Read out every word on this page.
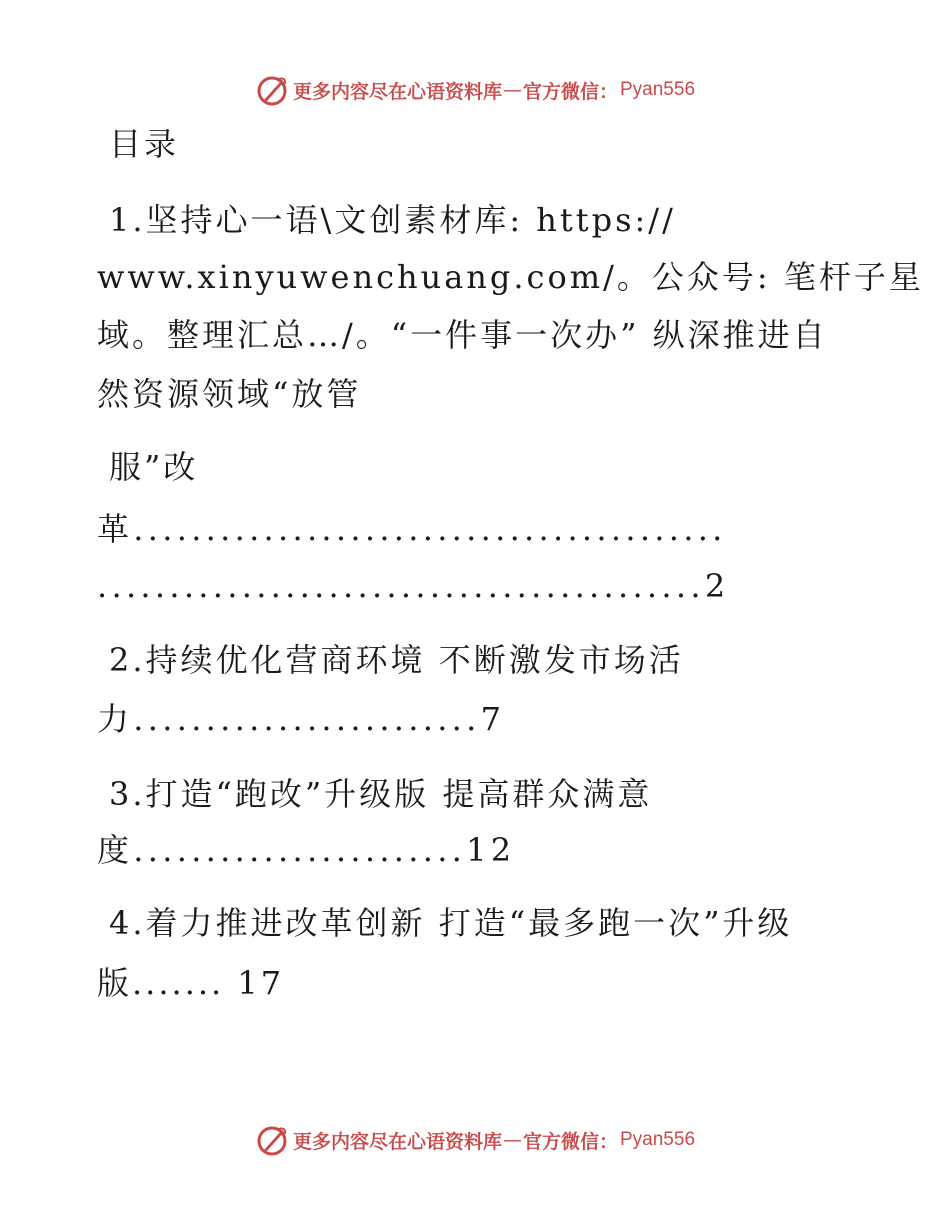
更多内容尽在心语资料库 — 官方微信： Pyan556
目录
1.坚持心一语\文创素材库: https://
www.xinyuwenchuang.com/。公众号: 笔杆子星
域。整理汇总…/。“一件事一次办” 纵深推进自
然资源领域“放管
服”改
革.........................................
..........................................2
2.持续优化营商环境 不断激发市场活
力........................7
3.打造“跑改”升级版 提高群众满意
度.......................12
4.着力推进改革创新 打造“最多跑一次”升级
版....... 17
更多内容尽在心语资料库 — 官方微信： Pyan556
